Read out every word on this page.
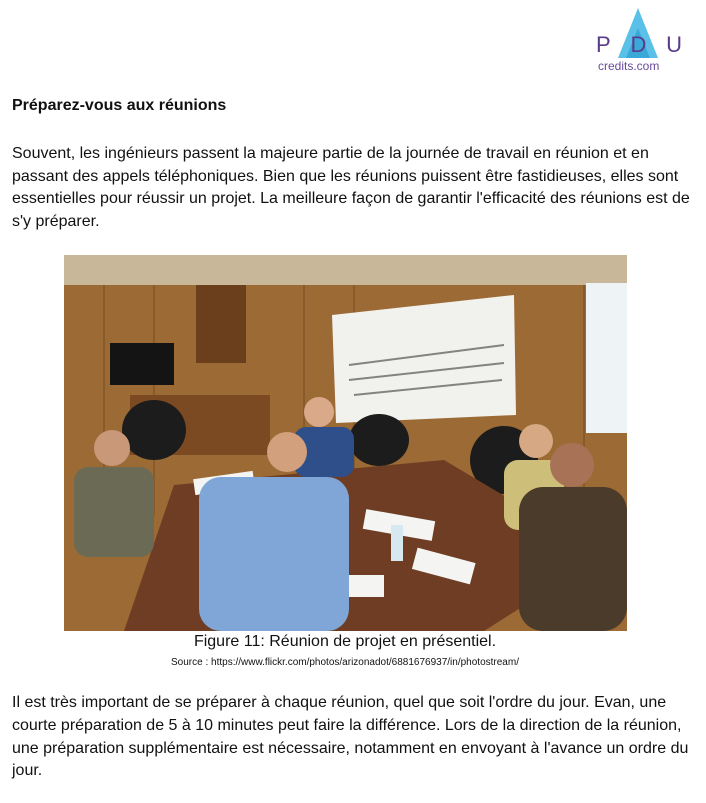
P D U
credits.com
Préparez-vous aux réunions

Souvent, les ingénieurs passent la majeure partie de la journée de travail en réunion et en passant des appels téléphoniques. Bien que les réunions puissent être fastidieuses, elles sont essentielles pour réussir un projet. La meilleure façon de garantir l'efficacité des réunions est de s'y préparer.

Figure 11: Réunion de projet en présentiel.
Source : https://www.flickr.com/photos/arizonadot/6881676937/in/photostream/

Il est très important de se préparer à chaque réunion, quel que soit l'ordre du jour. Evan, une courte préparation de 5 à 10 minutes peut faire la différence. Lors de la direction de la réunion, une préparation supplémentaire est nécessaire, notamment en envoyant à l'avance un ordre du jour.
